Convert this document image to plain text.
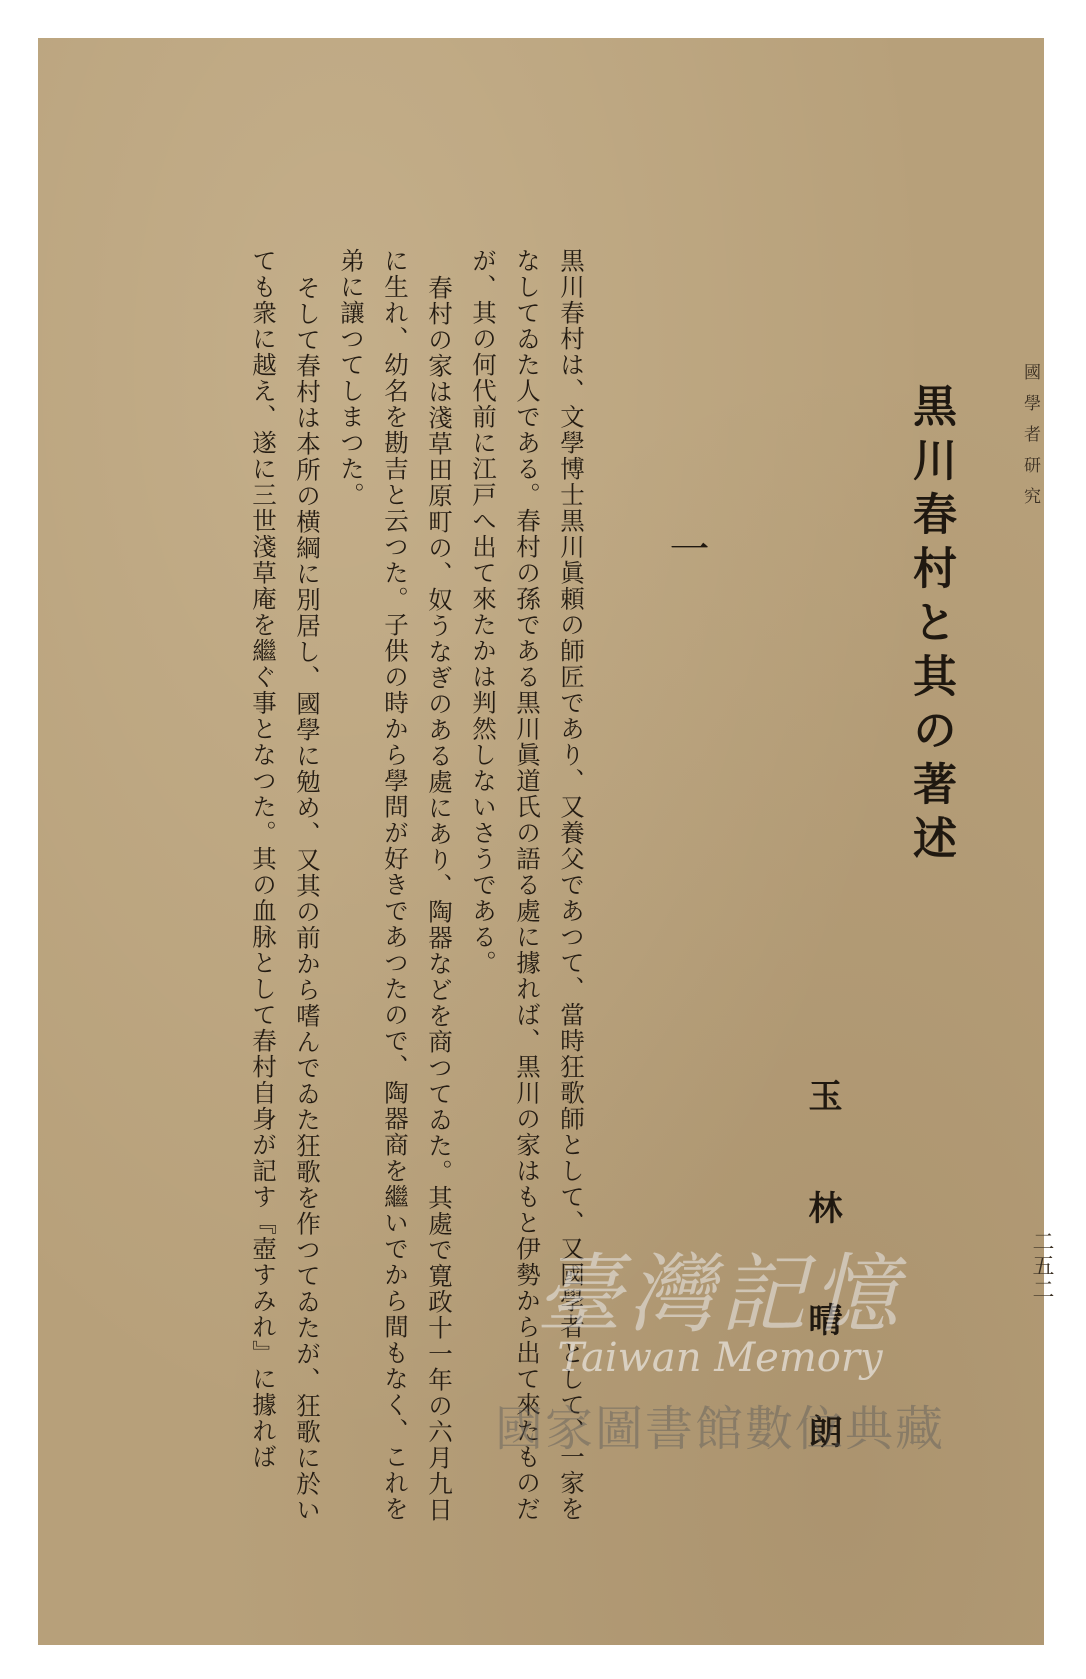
國學者研究
二五二
黒川春村と其の著述
玉林晴朗
一

黒川春村は、文學博士黒川眞頼の師匠であり、又養父であつて、當時狂歌師として、又國學者として、一家をなしてゐた人である。春村の孫である黒川眞道氏の語る處に據れば、黒川の家はもと伊勢から出て來たものだが、其の何代前に江戸へ出て來たかは判然しないさうである。

春村の家は淺草田原町の、奴うなぎのある處にあり、陶器などを商つてゐた。其處で寛政十一年の六月九日に生れ、幼名を勘吉と云つた。子供の時から學問が好きであつたので、陶器商を繼いでから間もなく、これを弟に讓つてしまつた。

そして春村は本所の横綱に別居し、國學に勉め、又其の前から嗜んでゐた狂歌を作つてゐたが、狂歌に於いても衆に越え、遂に三世淺草庵を繼ぐ事となつた。其の血脉として春村自身が記す『壺すみれ』に據れば	臺灣記憶
Taiwan Memory
國家圖書館數位典藏
